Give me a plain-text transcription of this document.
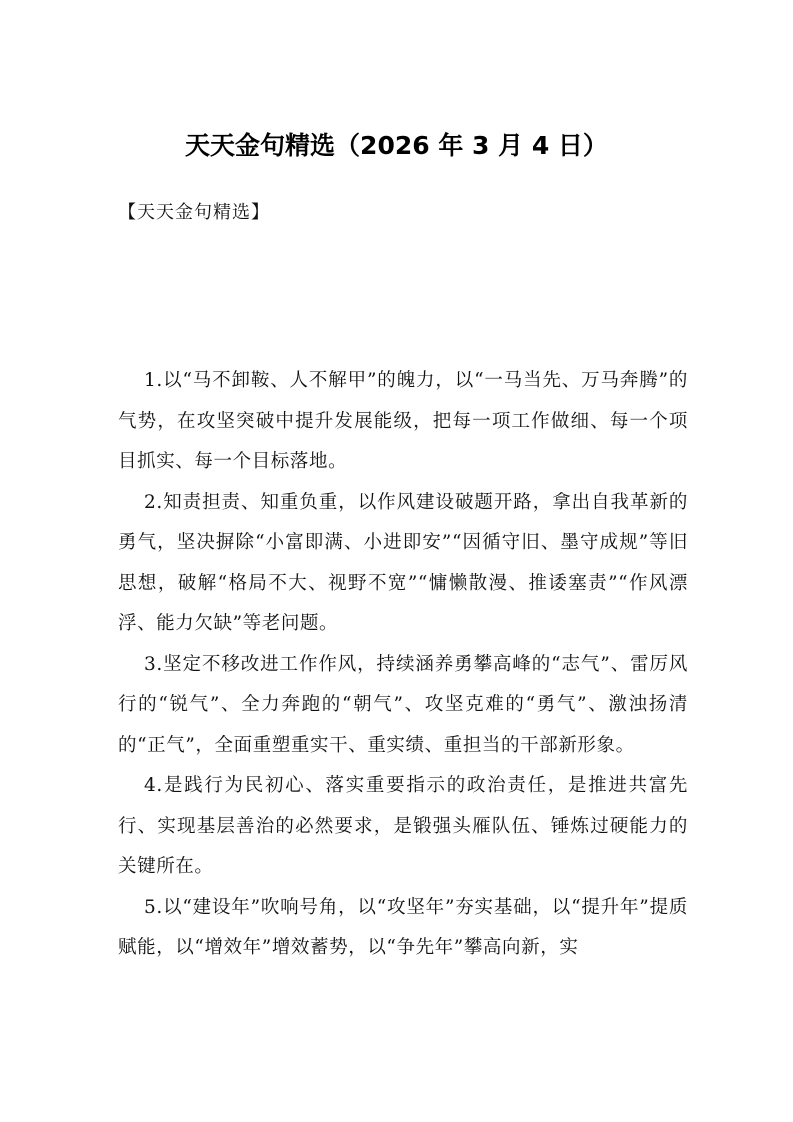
天天金句精选（2026 年 3 月 4 日）
【天天金句精选】

1.以“马不卸鞍、人不解甲”的魄力，以“一马当先、万马奔腾”的气势，在攻坚突破中提升发展能级，把每一项工作做细、每一个项目抓实、每一个目标落地。

2.知责担责、知重负重，以作风建设破题开路，拿出自我革新的勇气，坚决摒除“小富即满、小进即安”“因循守旧、墨守成规”等旧思想，破解“格局不大、视野不宽”“慵懒散漫、推诿塞责”“作风漂浮、能力欠缺”等老问题。

3.坚定不移改进工作作风，持续涵养勇攀高峰的“志气”、雷厉风行的“锐气”、全力奔跑的“朝气”、攻坚克难的“勇气”、激浊扬清的“正气”，全面重塑重实干、重实绩、重担当的干部新形象。

4.是践行为民初心、落实重要指示的政治责任，是推进共富先行、实现基层善治的必然要求，是锻强头雁队伍、锤炼过硬能力的关键所在。

5.以“建设年”吹响号角，以“攻坚年”夯实基础，以“提升年”提质赋能，以“增效年”增效蓄势，以“争先年”攀高向新，实
